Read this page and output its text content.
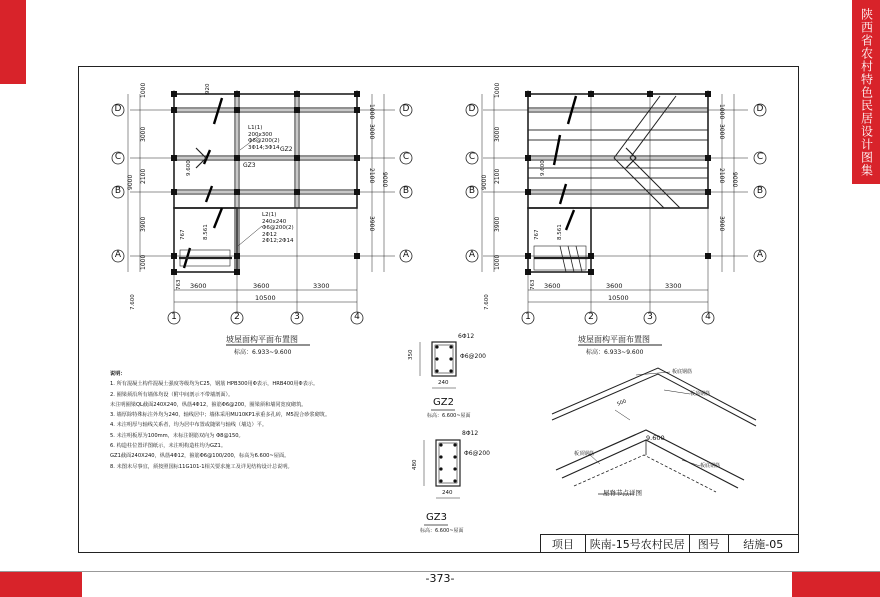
陕西省农村特色民居设计图集
D
C
B
A
D
C
B
A
1	2	3	4
D
C
B
A
D
C
B
A
1	2	3	4
3600	3600	3300
10500
3600	3600	3300
10500
1000
3000
2100
3900
1000
9000
1000
3000
2100
3900
9000
1000
3000
2100
3900
1000
9000
1000
3000
2100
3900
9000
7.600	7.600
9.600	9.600
8.561	8.561
767	767
763	763
920
L1(1)
200x300
Φ6@200(2)
3Φ14;3Φ14 GZ2
GZ3
L2(1)
240x240
Φ6@200(2)
2Φ12
2Φ12;2Φ14
坡屋面构平面布置图
标高：6.933~9.600
坡屋面构平面布置图
标高：6.933~9.600
6Φ12
Φ6@200
350
240
GZ2
标高：6.600~屋面
8Φ12
Φ6@200
480
240
GZ3
标高：6.600~屋面
板底钢筋
板顶钢筋
板顶钢筋
板底钢筋
9.600
500
屋脊节点详图

说明：

1. 所有混凝土构件混凝土强度等级均为C25，钢筋 HPB300用Φ表示，HRB400用Φ表示。

2. 圈梁须沿所有墙体均设（附中间剖示不带墙剖面）。

未注明圈梁QL截面240X240，纵筋4Φ12，箍筋Φ6@200，圈梁须和墙同宽度砌筑。

3. 墙厚除特殊标注外均为240，轴线居中；墙体采用MU10KP1承重多孔砖，M5混合砂浆砌筑。

4. 未注明厚与轴线关系者，均为居中布置或随梁与轴线（墙边）平。

5. 未注明板厚为100mm，未标注钢筋双向为 Φ8@150。

6. 构造柱位置详图纸示，未注明构造柱均为GZ1。

GZ1截面240X240，纵筋4Φ12，箍筋Φ6@100/200，标高为6.600~屋面。

8. 未图未尽事宜，须按照国标11G101-1相关要求施工及详见结构设计总说明。

项目	陕南-15号农村民居	图号	结施-05
-373-
